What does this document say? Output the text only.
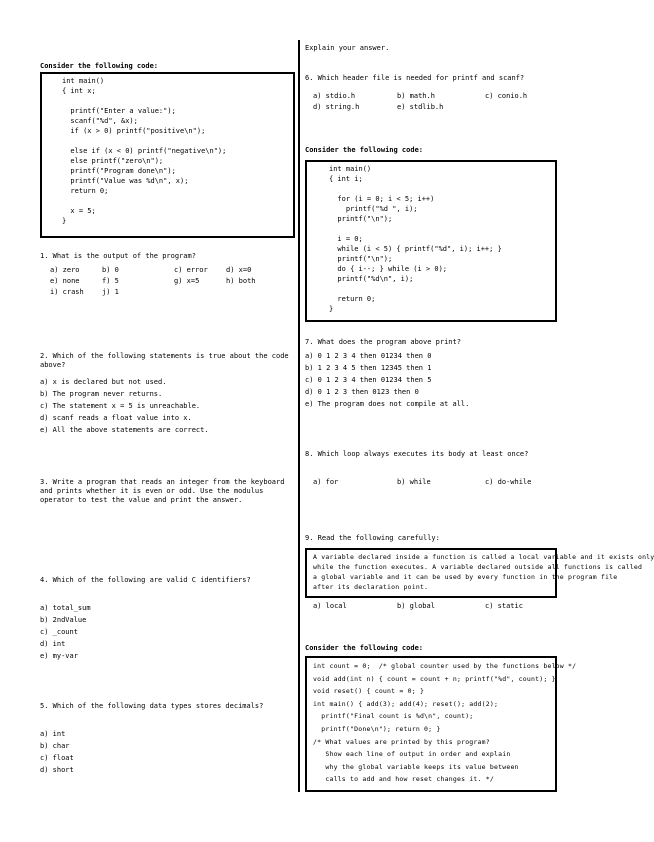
Consider the following code:
int main()
{ int x;

printf("Enter a value:");
scanf("%d", &x);
if (x > 0) printf("positive\n");

else if (x < 0) printf("negative\n");
else printf("zero\n");
printf("Program done\n");
printf("Value was %d\n", x);
return 0;

x = 5;
}
1. What is the output of the program?
a) zero	b) 0	c) error	d) x=0
e) none	f) 5	g) x=5	h) both
i) crash	j) 1
2. Which of the following statements is true about the code above?
a) x is declared but not used.
b) The program never returns.
c) The statement x = 5 is unreachable.
d) scanf reads a float value into x.
e) All the above statements are correct.
3. Write a program that reads an integer from the keyboard and prints whether it is even or odd. Use the modulus operator to test the value and print the answer.
4. Which of the following are valid C identifiers?
a) total_sum
b) 2ndValue
c) _count
d) int
e) my-var
5. Which of the following data types stores decimals?
a) int
b) char
c) float
d) short
Explain your answer.
6. Which header file is needed for printf and scanf?
a) stdio.h	b) math.h	c) conio.h
d) string.h	e) stdlib.h
Consider the following code:
int main()
{ int i;

for (i = 0; i < 5; i++)
printf("%d ", i);
printf("\n");

i = 0;
while (i < 5) { printf("%d", i); i++; }
printf("\n");
do { i--; } while (i > 0);
printf("%d\n", i);

return 0;
}
7. What does the program above print?
a) 0 1 2 3 4 then 01234 then 0
b) 1 2 3 4 5 then 12345 then 1
c) 0 1 2 3 4 then 01234 then 5
d) 0 1 2 3 then 0123 then 0
e) The program does not compile at all.
8. Which loop always executes its body at least once?
a) for	b) while	c) do-while
9. Read the following carefully:
A variable declared inside a function is called a local variable and it exists only
while the function executes. A variable declared outside all functions is called
a global variable and it can be used by every function in the program file
after its declaration point.
a) local	b) global	c) static
Consider the following code:
int count = 0;  /* global counter used by the functions below */
void add(int n) { count = count + n; printf("%d", count); }
void reset() { count = 0; }
int main() { add(3); add(4); reset(); add(2);
printf("Final count is %d\n", count);
printf("Done\n"); return 0; }
/* What values are printed by this program?
Show each line of output in order and explain
why the global variable keeps its value between
calls to add and how reset changes it. */
